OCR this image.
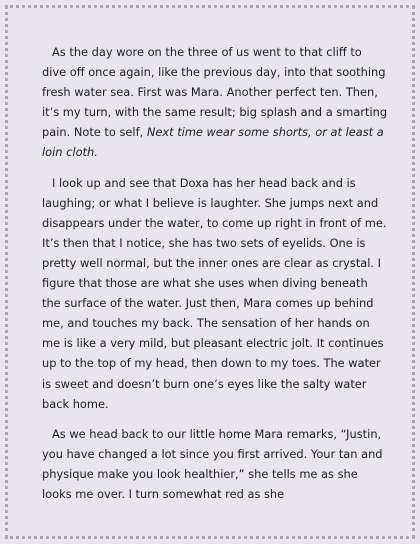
As the day wore on the three of us went to that cliff to dive off once again, like the previous day, into that soothing fresh water sea. First was Mara. Another perfect ten. Then, it’s my turn, with the same result; big splash and a smarting pain. Note to self, Next time wear some shorts, or at least a loin cloth.

I look up and see that Doxa has her head back and is laughing; or what I believe is laughter. She jumps next and disappears under the water, to come up right in front of me. It’s then that I notice, she has two sets of eyelids. One is pretty well normal, but the inner ones are clear as crystal. I figure that those are what she uses when diving beneath the surface of the water. Just then, Mara comes up behind me, and touches my back. The sensation of her hands on me is like a very mild, but pleasant electric jolt. It continues up to the top of my head, then down to my toes. The water is sweet and doesn’t burn one’s eyes like the salty water back home.

As we head back to our little home Mara remarks, “Justin, you have changed a lot since you first arrived. Your tan and physique make you look healthier,” she tells me as she looks me over. I turn somewhat red as she
